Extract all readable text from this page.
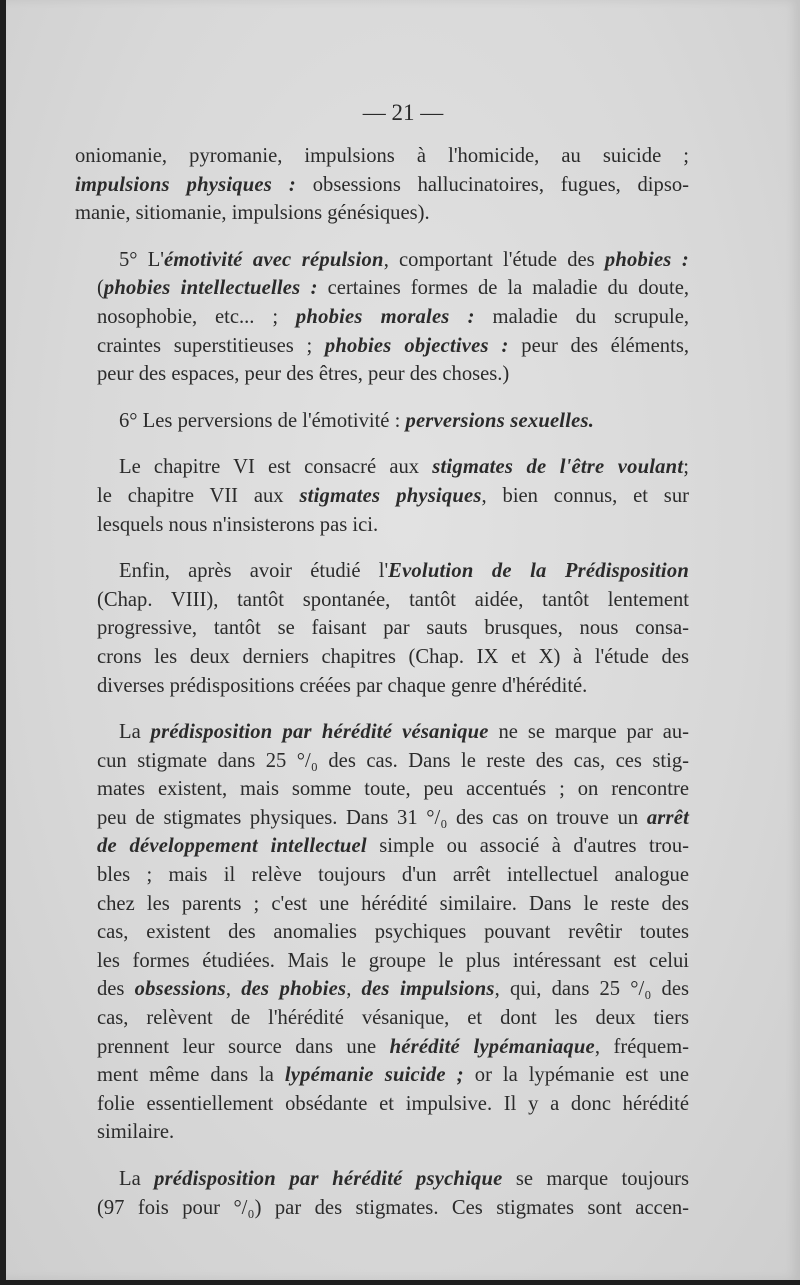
— 21 —

oniomanie, pyromanie, impulsions à l'homicide, au suicide ;
impulsions physiques : obsessions hallucinatoires, fugues, dipso-
manie, sitiomanie, impulsions génésiques).

5° L'émotivité avec répulsion, comportant l'étude des phobies :
(phobies intellectuelles : certaines formes de la maladie du doute,
nosophobie, etc... ; phobies morales : maladie du scrupule,
craintes superstitieuses ; phobies objectives : peur des éléments,
peur des espaces, peur des êtres, peur des choses.)

6° Les perversions de l'émotivité : perversions sexuelles.

Le chapitre VI est consacré aux stigmates de l'être voulant;
le chapitre VII aux stigmates physiques, bien connus, et sur
lesquels nous n'insisterons pas ici.

Enfin, après avoir étudié l'Evolution de la Prédisposition
(Chap. VIII), tantôt spontanée, tantôt aidée, tantôt lentement
progressive, tantôt se faisant par sauts brusques, nous consa-
crons les deux derniers chapitres (Chap. IX et X) à l'étude des
diverses prédispositions créées par chaque genre d'hérédité.

La prédisposition par hérédité vésanique ne se marque par au-
cun stigmate dans 25 °/₀ des cas. Dans le reste des cas, ces stig-
mates existent, mais somme toute, peu accentués ; on rencontre
peu de stigmates physiques. Dans 31 °/₀ des cas on trouve un arrêt
de développement intellectuel simple ou associé à d'autres trou-
bles ; mais il relève toujours d'un arrêt intellectuel analogue
chez les parents ; c'est une hérédité similaire. Dans le reste des
cas, existent des anomalies psychiques pouvant revêtir toutes
les formes étudiées. Mais le groupe le plus intéressant est celui
des obsessions, des phobies, des impulsions, qui, dans 25 °/₀ des
cas, relèvent de l'hérédité vésanique, et dont les deux tiers
prennent leur source dans une hérédité lypémaniaque, fréquem-
ment même dans la lypémanie suicide ; or la lypémanie est une
folie essentiellement obsédante et impulsive. Il y a donc hérédité
similaire.

La prédisposition par hérédité psychique se marque toujours
(97 fois pour °/₀) par des stigmates. Ces stigmates sont accen-
